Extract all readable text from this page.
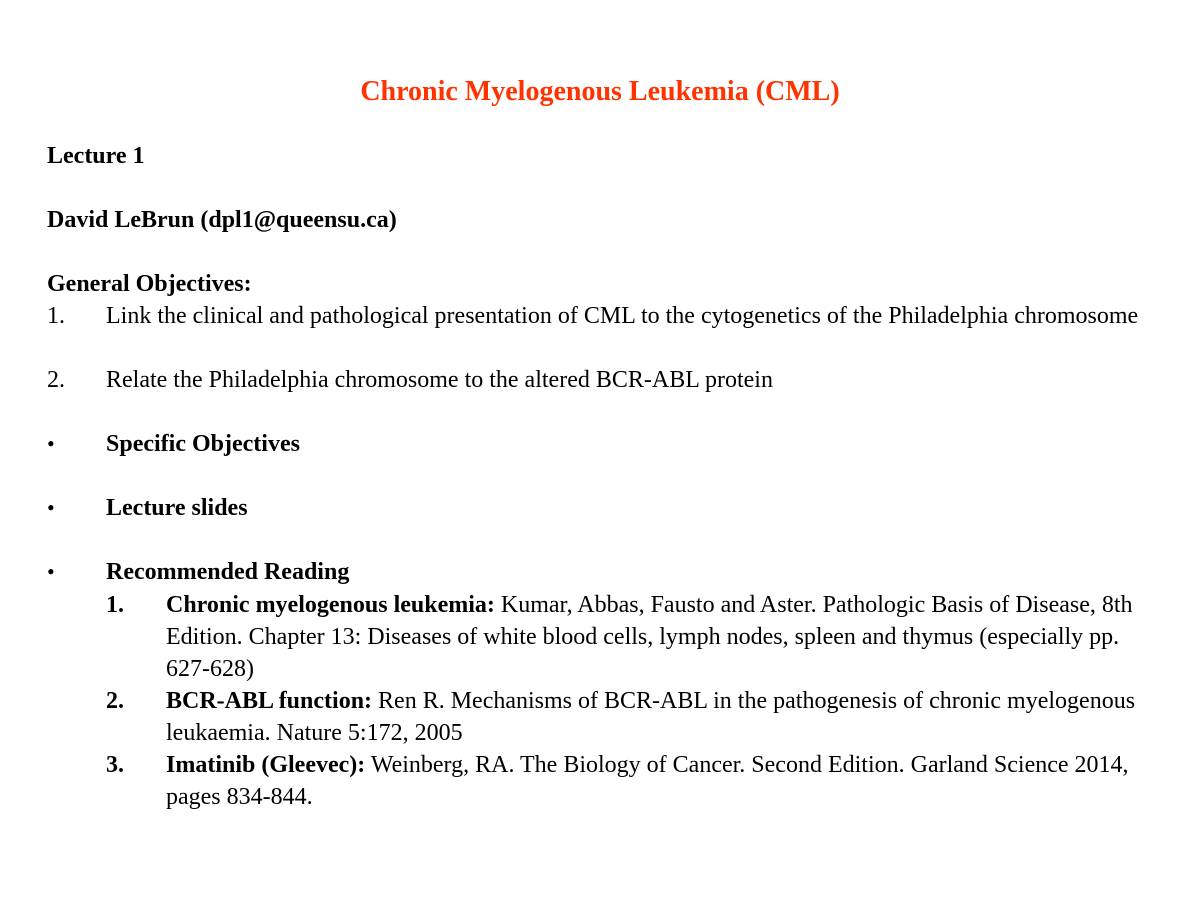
Chronic Myelogenous Leukemia (CML)
Lecture 1
David LeBrun (dpl1@queensu.ca)
General Objectives:
1. Link the clinical and pathological presentation of CML to the cytogenetics of the Philadelphia chromosome
2. Relate the Philadelphia chromosome to the altered BCR-ABL protein
• Specific Objectives
• Lecture slides
• Recommended Reading
1. Chronic myelogenous leukemia: Kumar, Abbas, Fausto and Aster. Pathologic Basis of Disease, 8th Edition. Chapter 13: Diseases of white blood cells, lymph nodes, spleen and thymus (especially pp. 627-628)
2. BCR-ABL function: Ren R. Mechanisms of BCR-ABL in the pathogenesis of chronic myelogenous leukaemia. Nature 5:172, 2005
3. Imatinib (Gleevec): Weinberg, RA. The Biology of Cancer. Second Edition. Garland Science 2014, pages 834-844.
